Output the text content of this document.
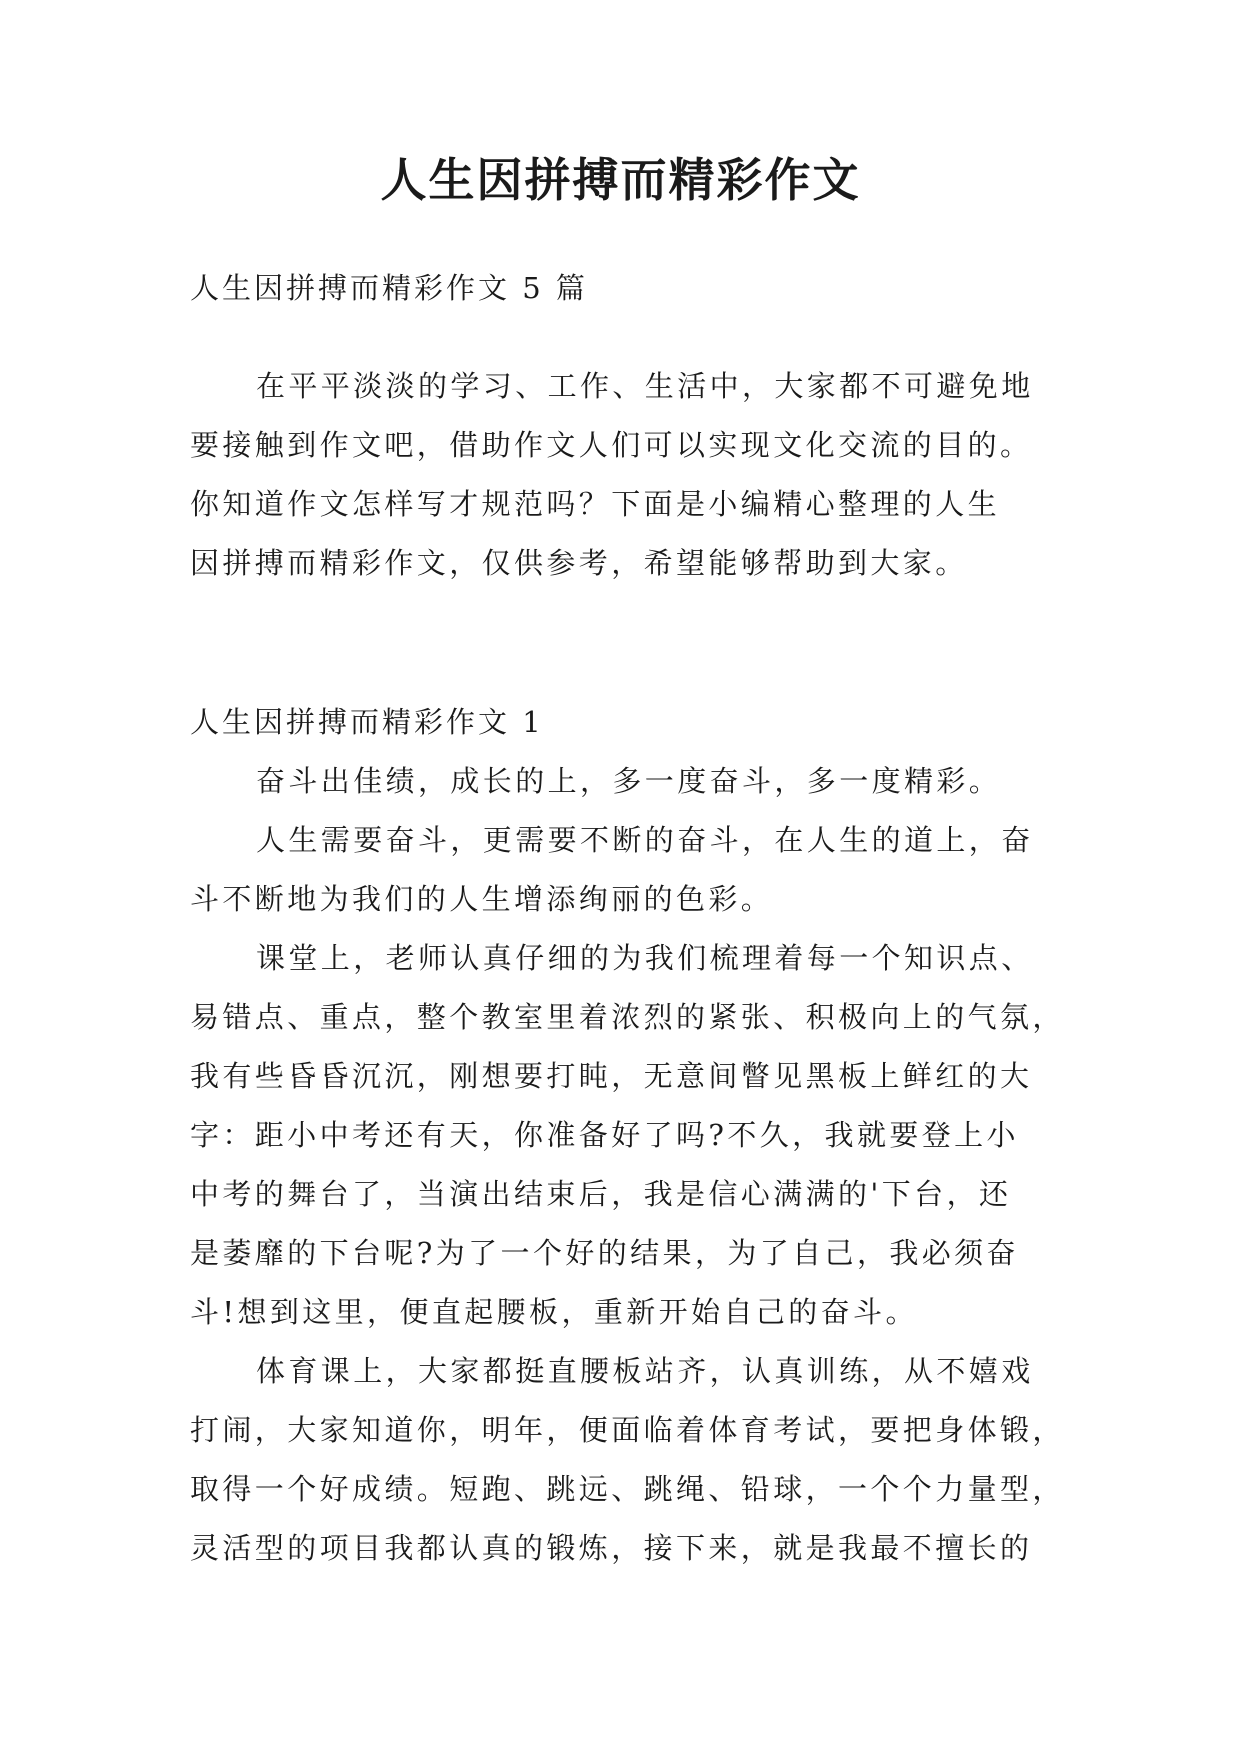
人生因拼搏而精彩作文

人生因拼搏而精彩作文 5 篇

在平平淡淡的学习、工作、生活中，大家都不可避免地
要接触到作文吧，借助作文人们可以实现文化交流的目的。
你知道作文怎样写才规范吗？下面是小编精心整理的人生
因拼搏而精彩作文，仅供参考，希望能够帮助到大家。

人生因拼搏而精彩作文 1

奋斗出佳绩，成长的上，多一度奋斗，多一度精彩。
人生需要奋斗，更需要不断的奋斗，在人生的道上，奋
斗不断地为我们的人生增添绚丽的色彩。
课堂上，老师认真仔细的为我们梳理着每一个知识点、
易错点、重点，整个教室里着浓烈的紧张、积极向上的气氛，
我有些昏昏沉沉，刚想要打盹，无意间瞥见黑板上鲜红的大
字：距小中考还有天，你准备好了吗?不久，我就要登上小
中考的舞台了，当演出结束后，我是信心满满的'下台，还
是萎靡的下台呢?为了一个好的结果，为了自己，我必须奋
斗!想到这里，便直起腰板，重新开始自己的奋斗。
体育课上，大家都挺直腰板站齐，认真训练，从不嬉戏
打闹，大家知道你，明年，便面临着体育考试，要把身体锻，
取得一个好成绩。短跑、跳远、跳绳、铅球，一个个力量型，
灵活型的项目我都认真的锻炼，接下来，就是我最不擅长的
